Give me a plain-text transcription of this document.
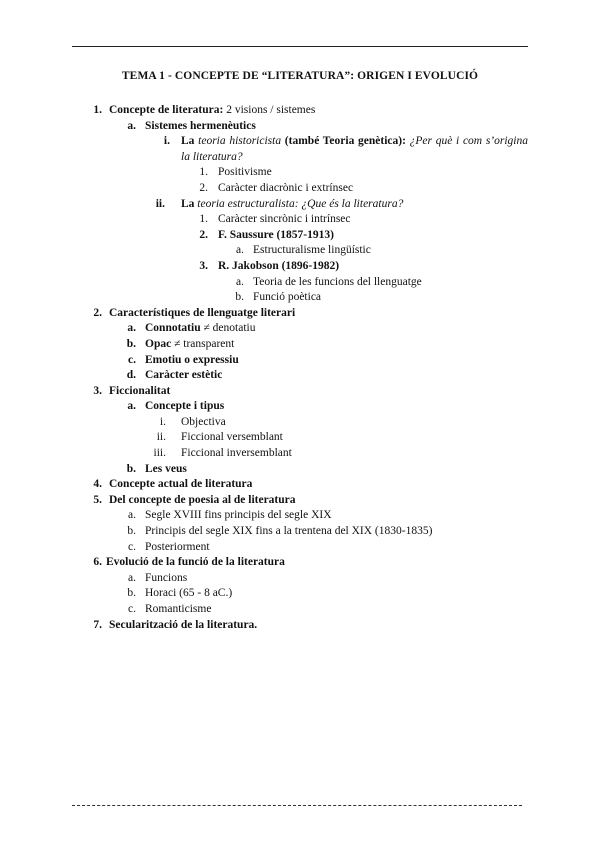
TEMA 1 - CONCEPTE DE “LITERATURA”: ORIGEN I EVOLUCIÓ
1. Concepte de literatura: 2 visions / sistemes
a. Sistemes hermenèutics
i. La teoria historicista (també Teoria genètica): ¿Per què i com s’origina la literatura?
1. Positivisme
2. Caràcter diacrònic i extrínsec
ii. La teoria estructuralista: ¿Que és la literatura?
1. Caràcter sincrònic i intrínsec
2. F. Saussure (1857-1913)
a. Estructuralisme lingüístic
3. R. Jakobson (1896-1982)
a. Teoria de les funcions del llenguatge
b. Funció poètica
2. Característiques de llenguatge literari
a. Connotatiu ≠ denotatiu
b. Opac ≠ transparent
c. Emotiu o expressiu
d. Caràcter estètic
3. Ficcionalitat
a. Concepte i tipus
i. Objectiva
ii. Ficcional versemblant
iii. Ficcional inversemblant
b. Les veus
4. Concepte actual de literatura
5. Del concepte de poesia al de literatura
a. Segle XVIII fins principis del segle XIX
b. Principis del segle XIX fins a la trentena del XIX (1830-1835)
c. Posteriorment
6. Evolució de la funció de la literatura
a. Funcions
b. Horaci (65 - 8 aC.)
c. Romanticisme
7. Secularització de la literatura.
